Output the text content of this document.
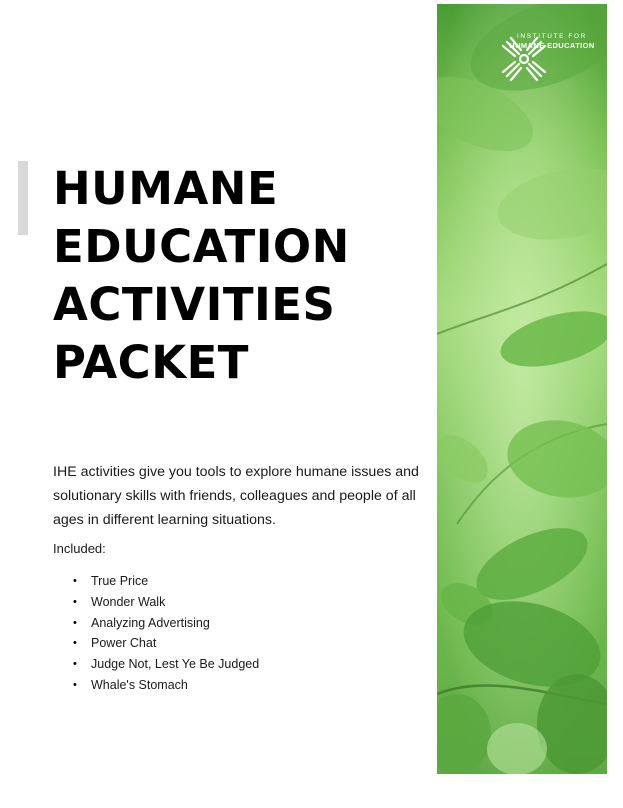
HUMANE
EDUCATION
ACTIVITIES
PACKET

IHE activities give you tools to explore humane issues and solutionary skills with friends, colleagues and people of all ages in different learning situations.

Included:

• True Price
• Wonder Walk
• Analyzing Advertising
• Power Chat
• Judge Not, Lest Ye Be Judged
• Whale's Stomach
INSTITUTE FOR
HUMANE EDUCATION
